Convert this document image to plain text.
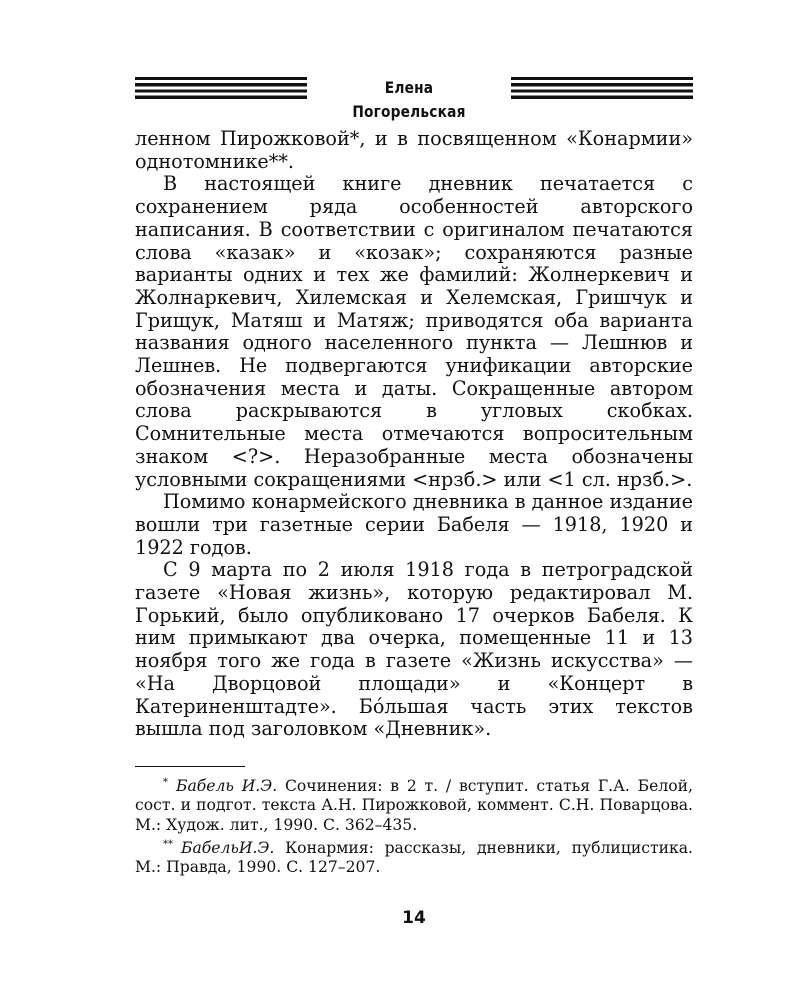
Елена Погорельская

ленном Пирожковой*, и в посвященном «Конармии» однотомнике**.

В настоящей книге дневник печатается с сохранением ряда особенностей авторского написания. В соответствии с оригиналом печатаются слова «казак» и «козак»; сохраняются разные варианты одних и тех же фамилий: Жолнеркевич и Жолнаркевич, Хилемская и Хелемская, Гришчук и Грищук, Матяш и Матяж; приводятся оба варианта названия одного населенного пункта — Лешнюв и Лешнев. Не подвергаются унификации авторские обозначения места и даты. Сокращенные автором слова раскрываются в угловых скобках. Сомнительные места отмечаются вопросительным знаком <?>. Неразобранные места обозначены условными сокращениями <нрзб.> или <1 сл. нрзб.>.

Помимо конармейского дневника в данное издание вошли три газетные серии Бабеля — 1918, 1920 и 1922 годов.

С 9 марта по 2 июля 1918 года в петроградской газете «Новая жизнь», которую редактировал М. Горький, было опубликовано 17 очерков Бабеля. К ним примыкают два очерка, помещенные 11 и 13 ноября того же года в газете «Жизнь искусства» — «На Дворцовой площади» и «Концерт в Катериненштадте». Бóльшая часть этих текстов вышла под заголовком «Дневник».

* Бабель И.Э. Сочинения: в 2 т. / вступит. статья Г.А. Белой, сост. и подгот. текста А.Н. Пирожковой, коммент. С.Н. Поварцова. М.: Худож. лит., 1990. С. 362–435.

** БабельИ.Э. Конармия: рассказы, дневники, публицистика. М.: Правда, 1990. С. 127–207.

14
